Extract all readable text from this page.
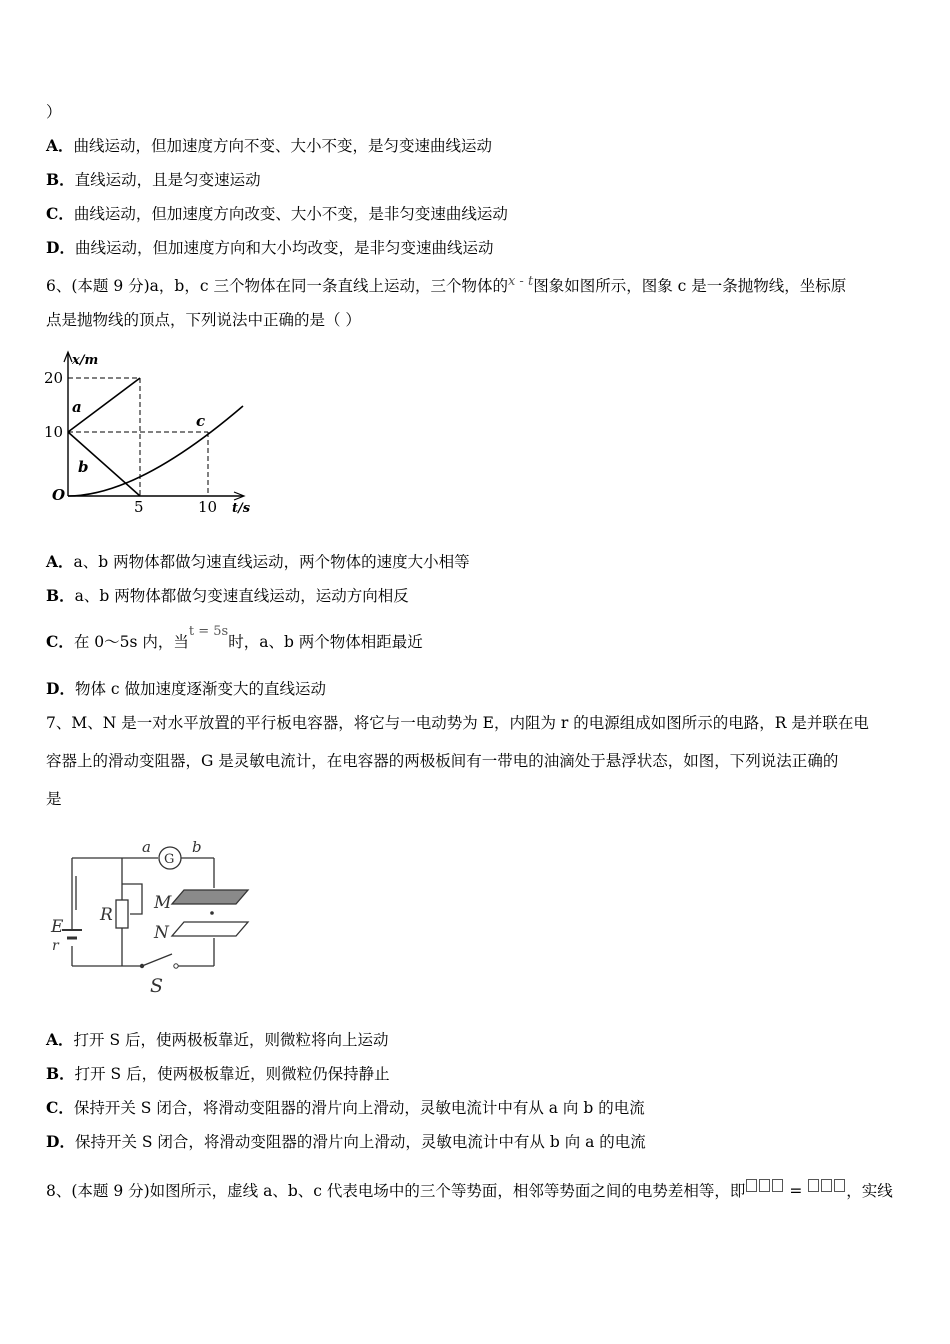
）
A．曲线运动，但加速度方向不变、大小不变，是匀变速曲线运动
B．直线运动，且是匀变速运动
C．曲线运动，但加速度方向改变、大小不变，是非匀变速曲线运动
D．曲线运动，但加速度方向和大小均改变，是非匀变速曲线运动
6、(本题 9 分)a，b，c 三个物体在同一条直线上运动，三个物体的$^{x - t}$图象如图所示，图象 c 是一条抛物线，坐标原
点是抛物线的顶点，下列说法中正确的是（ ）
x/m
20
10
O
5	10 t/s
a
b
c
A．a、b 两物体都做匀速直线运动，两个物体的速度大小相等
B．a、b 两物体都做匀变速直线运动，运动方向相反
C．在 0～5s 内，当$^{t = 5s}$时，a、b 两个物体相距最近
D．物体 c 做加速度逐渐变大的直线运动
7、M、N 是一对水平放置的平行板电容器，将它与一电动势为 E，内阻为 r 的电源组成如图所示的电路，R 是并联在电
容器上的滑动变阻器，G 是灵敏电流计，在电容器的两极板间有一带电的油滴处于悬浮状态，如图，下列说法正确的
是
a
G
b
M
N
R
E
r
S
A．打开 S 后，使两极板靠近，则微粒将向上运动
B．打开 S 后，使两极板靠近，则微粒仍保持静止
C．保持开关 S 闭合，将滑动变阻器的滑片向上滑动，灵敏电流计中有从 a 向 b 的电流
D．保持开关 S 闭合，将滑动变阻器的滑片向上滑动，灵敏电流计中有从 b 向 a 的电流
8、(本题 9 分)如图所示，虚线 a、b、c 代表电场中的三个等势面，相邻等势面之间的电势差相等，即	=	，实线
